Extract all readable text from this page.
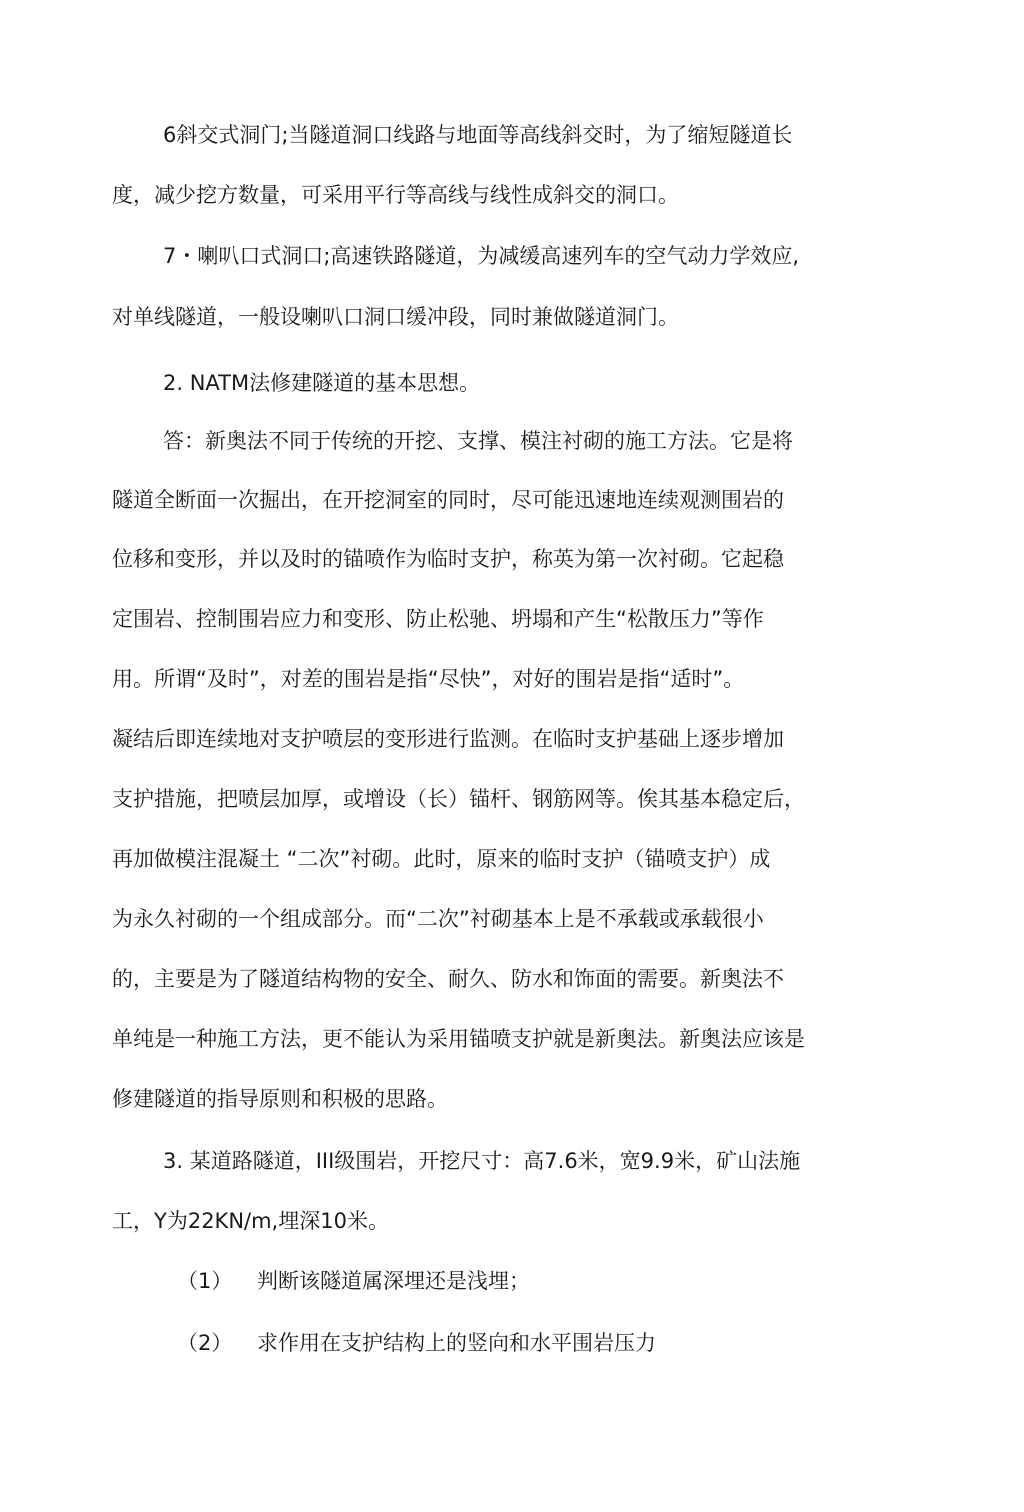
6斜交式洞门;当隧道洞口线路与地面等高线斜交时，为了缩短隧道长
度，减少挖方数量，可采用平行等高线与线性成斜交的洞口。
7・喇叭口式洞口;高速铁路隧道，为减缓高速列车的空气动力学效应,
对单线隧道，一般设喇叭口洞口缓冲段，同时兼做隧道洞门。
2. NATM法修建隧道的基本思想。
答：新奥法不同于传统的开挖、支撑、模注衬砌的施工方法。它是将
隧道全断面一次掘出，在开挖洞室的同时，尽可能迅速地连续观测围岩的
位移和变形，并以及时的锚喷作为临时支护，称英为第一次衬砌。它起稳
定围岩、控制围岩应力和变形、防止松驰、坍塌和产生“松散压力”等作
用。所谓“及时”，对差的围岩是指“尽快”，对好的围岩是指“适时”。
凝结后即连续地对支护喷层的变形进行监测。在临时支护基础上逐步增加
支护措施，把喷层加厚，或增设（长）锚杆、钢筋网等。俟其基本稳定后，
再加做模注混凝土 “二次”衬砌。此时，原来的临时支护（锚喷支护）成
为永久衬砌的一个组成部分。而“二次”衬砌基本上是不承载或承载很小
的，主要是为了隧道结构物的安全、耐久、防水和饰面的需要。新奥法不
单纯是一种施工方法，更不能认为采用锚喷支护就是新奥法。新奥法应该是
修建隧道的指导原则和积极的思路。
3. 某道路隧道，III级围岩，开挖尺寸：高7.6米，宽9.9米，矿山法施
工，Y为22KN/m,埋深10米。
（1） 判断该隧道属深埋还是浅埋；
（2） 求作用在支护结构上的竖向和水平围岩压力
